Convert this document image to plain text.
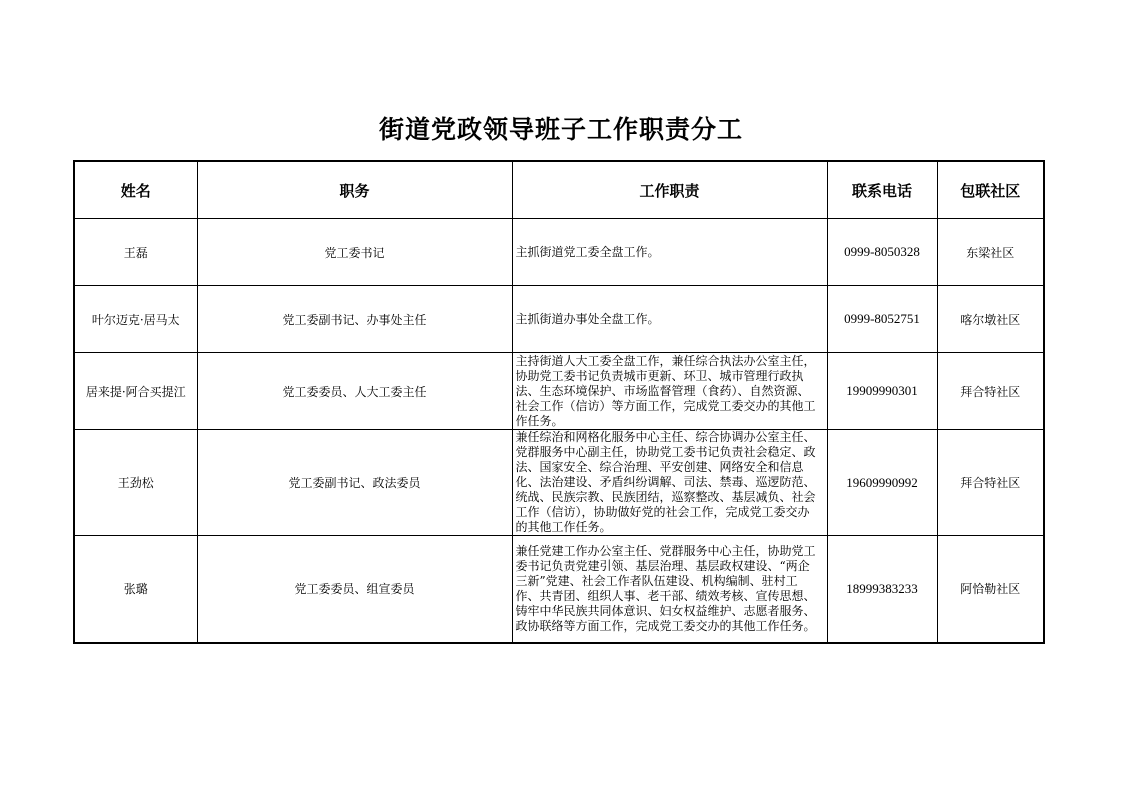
街道党政领导班子工作职责分工
姓名	职务	工作职责	联系电话	包联社区
王磊	党工委书记	主抓街道党工委全盘工作。	0999-8050328	东梁社区
叶尔迈克·居马太	党工委副书记、办事处主任	主抓街道办事处全盘工作。	0999-8052751	喀尔墩社区
居来提·阿合买提江	党工委委员、人大工委主任	主持街道人大工委全盘工作，兼任综合执法办公室主任，协助党工委书记负责城市更新、环卫、城市管理行政执法、生态环境保护、市场监督管理（食药）、自然资源、社会工作（信访）等方面工作，完成党工委交办的其他工作任务。	19909990301	拜合特社区
王劲松	党工委副书记、政法委员	兼任综治和网格化服务中心主任、综合协调办公室主任、党群服务中心副主任，协助党工委书记负责社会稳定、政法、国家安全、综合治理、平安创建、网络安全和信息化、法治建设、矛盾纠纷调解、司法、禁毒、巡逻防范、统战、民族宗教、民族团结，巡察整改、基层减负、社会工作（信访），协助做好党的社会工作，完成党工委交办的其他工作任务。	19609990992	拜合特社区
张璐	党工委委员、组宣委员	兼任党建工作办公室主任、党群服务中心主任，协助党工委书记负责党建引领、基层治理、基层政权建设、“两企三新”党建、社会工作者队伍建设、机构编制、驻村工作、共青团、组织人事、老干部、绩效考核、宣传思想、铸牢中华民族共同体意识、妇女权益维护、志愿者服务、政协联络等方面工作，完成党工委交办的其他工作任务。	18999383233	阿恰勒社区
